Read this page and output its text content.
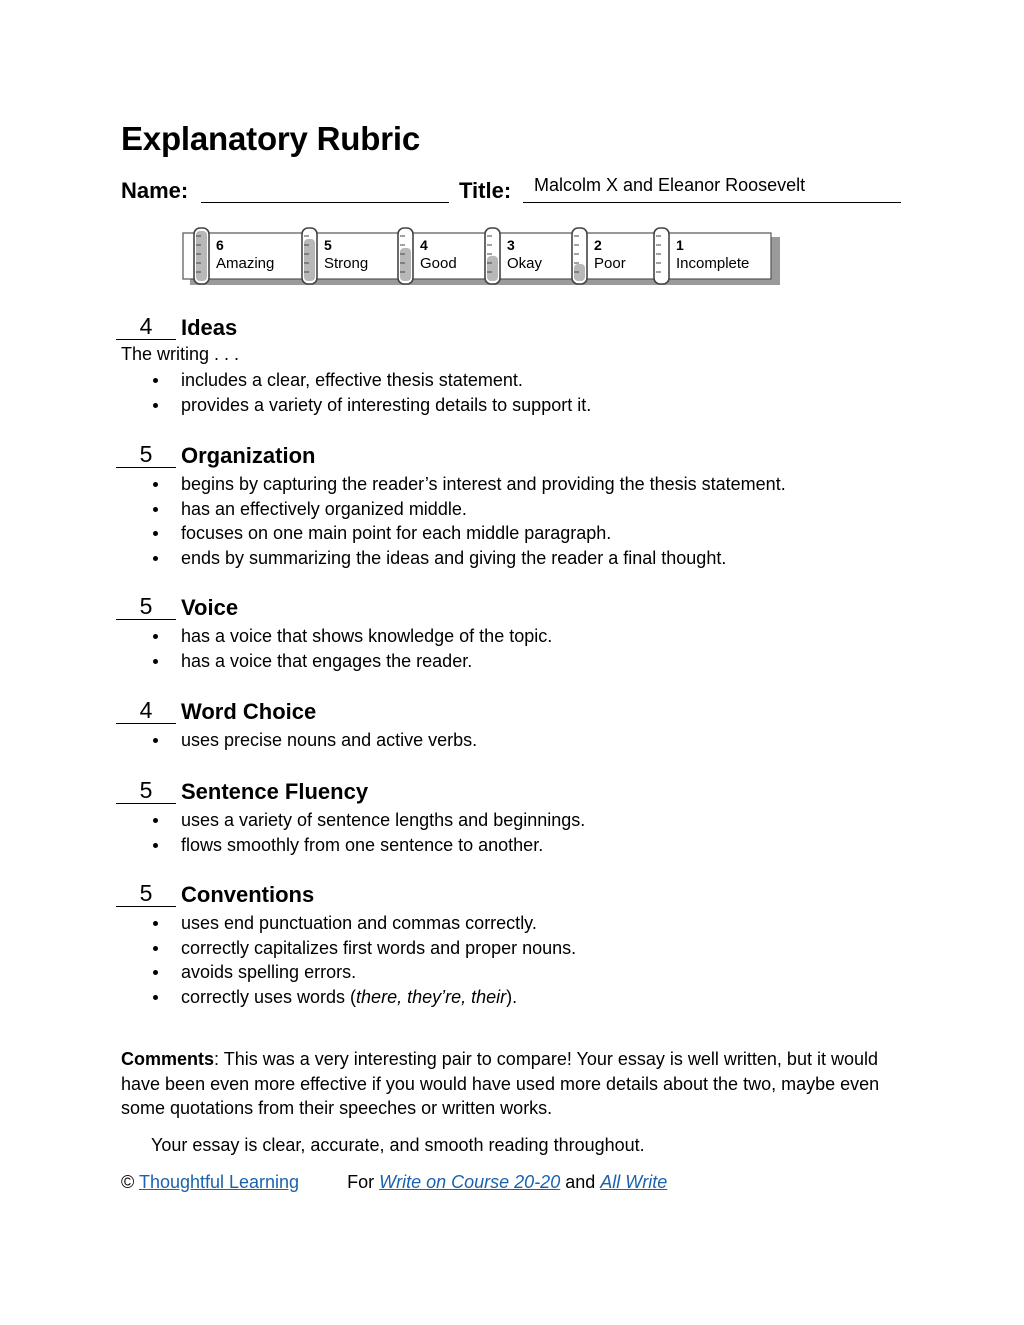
Explanatory Rubric
Name:	Title: Malcolm X and Eleanor Roosevelt
6
Amazing
5
Strong
4
Good
3
Okay
2
Poor
1
Incomplete
4	Ideas
The writing . . .
includes a clear, effective thesis statement.
provides a variety of interesting details to support it.
5	Organization
begins by capturing the reader’s interest and providing the thesis statement.
has an effectively organized middle.
focuses on one main point for each middle paragraph.
ends by summarizing the ideas and giving the reader a final thought.
5	Voice
has a voice that shows knowledge of the topic.
has a voice that engages the reader.
4	Word Choice
uses precise nouns and active verbs.
5	Sentence Fluency
uses a variety of sentence lengths and beginnings.
flows smoothly from one sentence to another.
5	Conventions
uses end punctuation and commas correctly.
correctly capitalizes first words and proper nouns.
avoids spelling errors.
correctly uses words (there, they’re, their).
Comments: This was a very interesting pair to compare! Your essay is well written, but it would have been even more effective if you would have used more details about the two, maybe even some quotations from their speeches or written works.
Your essay is clear, accurate, and smooth reading throughout.
© Thoughtful Learning	For Write on Course 20-20 and All Write
